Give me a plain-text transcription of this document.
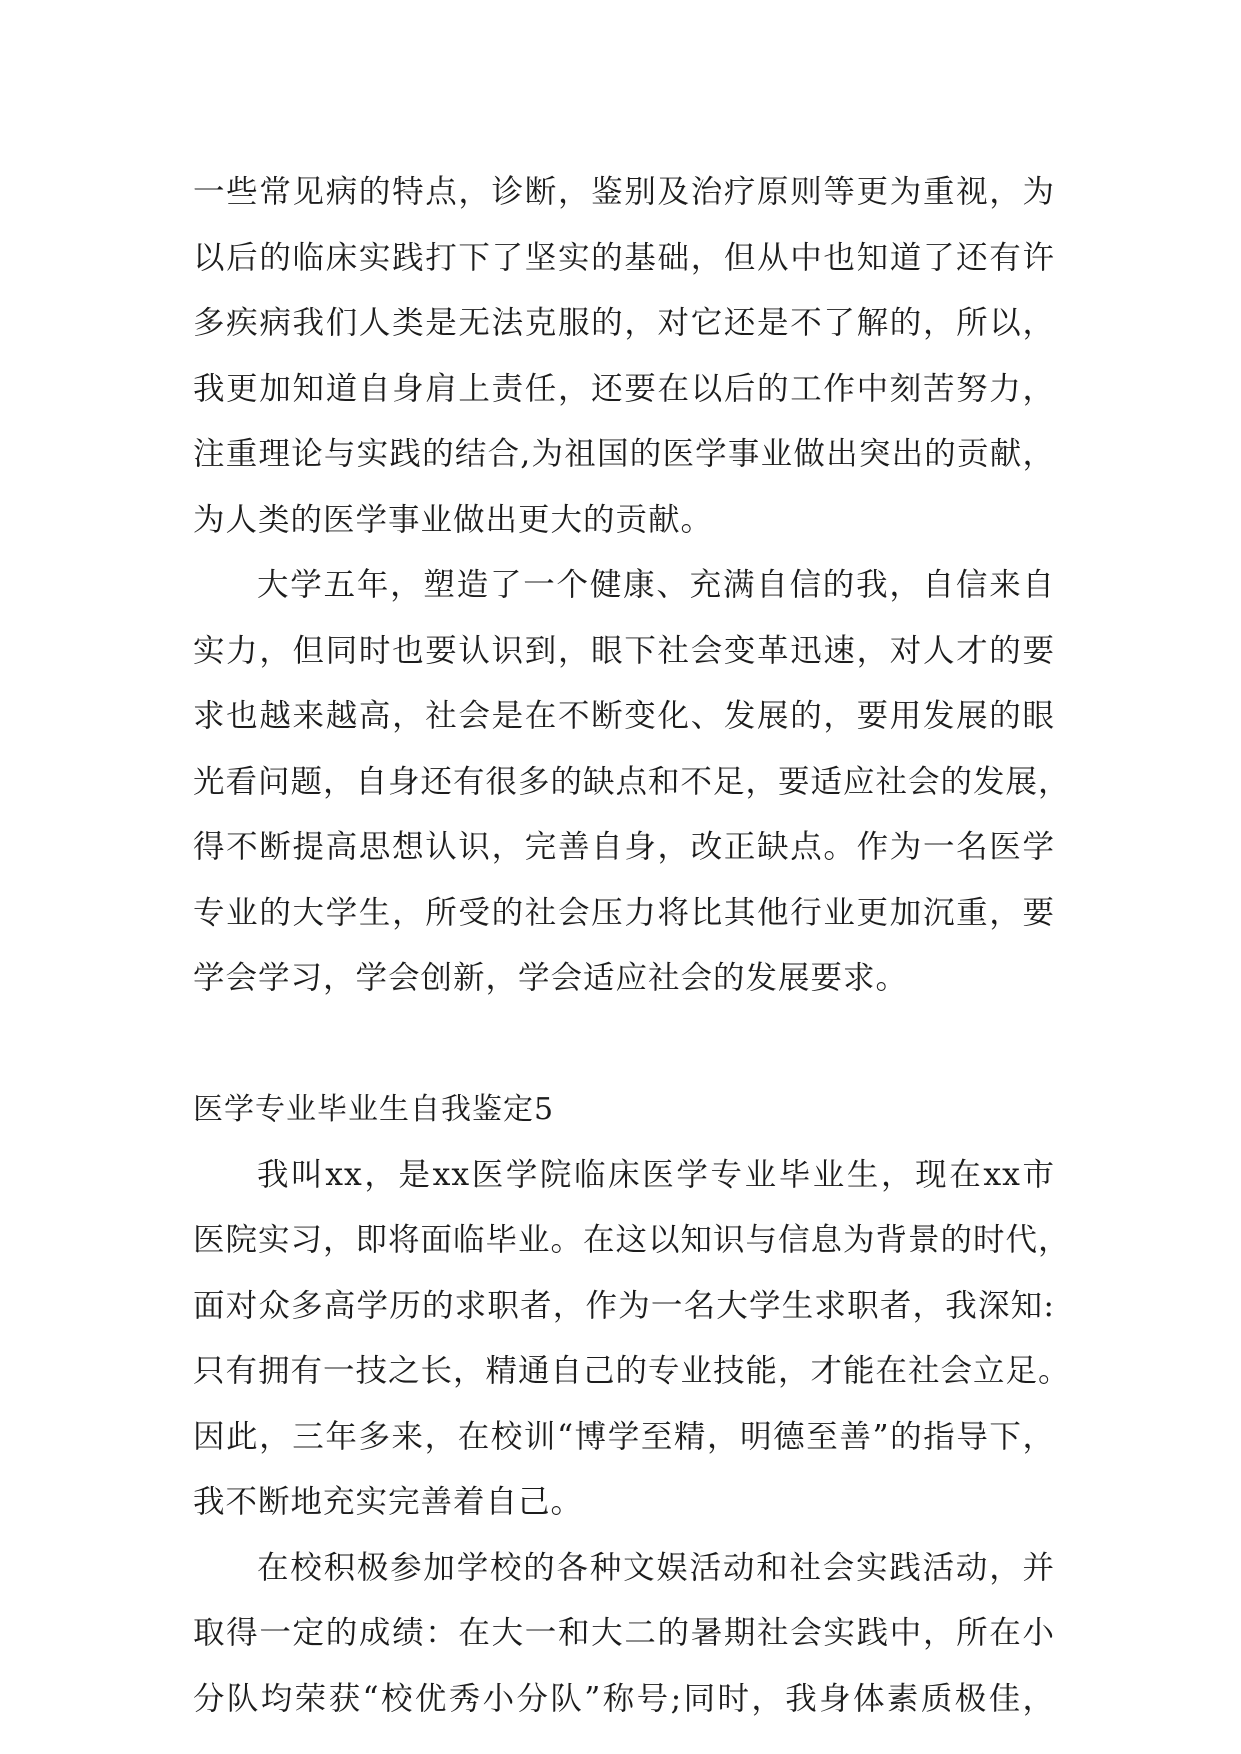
一些常见病的特点，诊断，鉴别及治疗原则等更为重视，为
以后的临床实践打下了坚实的基础，但从中也知道了还有许
多疾病我们人类是无法克服的，对它还是不了解的，所以，
我更加知道自身肩上责任，还要在以后的工作中刻苦努力，
注重理论与实践的结合,为祖国的医学事业做出突出的贡献，
为人类的医学事业做出更大的贡献。
大学五年，塑造了一个健康、充满自信的我，自信来自
实力，但同时也要认识到，眼下社会变革迅速，对人才的要
求也越来越高，社会是在不断变化、发展的，要用发展的眼
光看问题，自身还有很多的缺点和不足，要适应社会的发展，
得不断提高思想认识，完善自身，改正缺点。作为一名医学
专业的大学生，所受的社会压力将比其他行业更加沉重，要
学会学习，学会创新，学会适应社会的发展要求。
医学专业毕业生自我鉴定5
我叫xx，是xx医学院临床医学专业毕业生，现在xx市
医院实习，即将面临毕业。在这以知识与信息为背景的时代，
面对众多高学历的求职者，作为一名大学生求职者，我深知:
只有拥有一技之长，精通自己的专业技能，才能在社会立足。
因此，三年多来，在校训“博学至精，明德至善”的指导下，
我不断地充实完善着自己。
在校积极参加学校的各种文娱活动和社会实践活动，并
取得一定的成绩：在大一和大二的暑期社会实践中，所在小
分队均荣获“校优秀小分队”称号;同时，我身体素质极佳，
